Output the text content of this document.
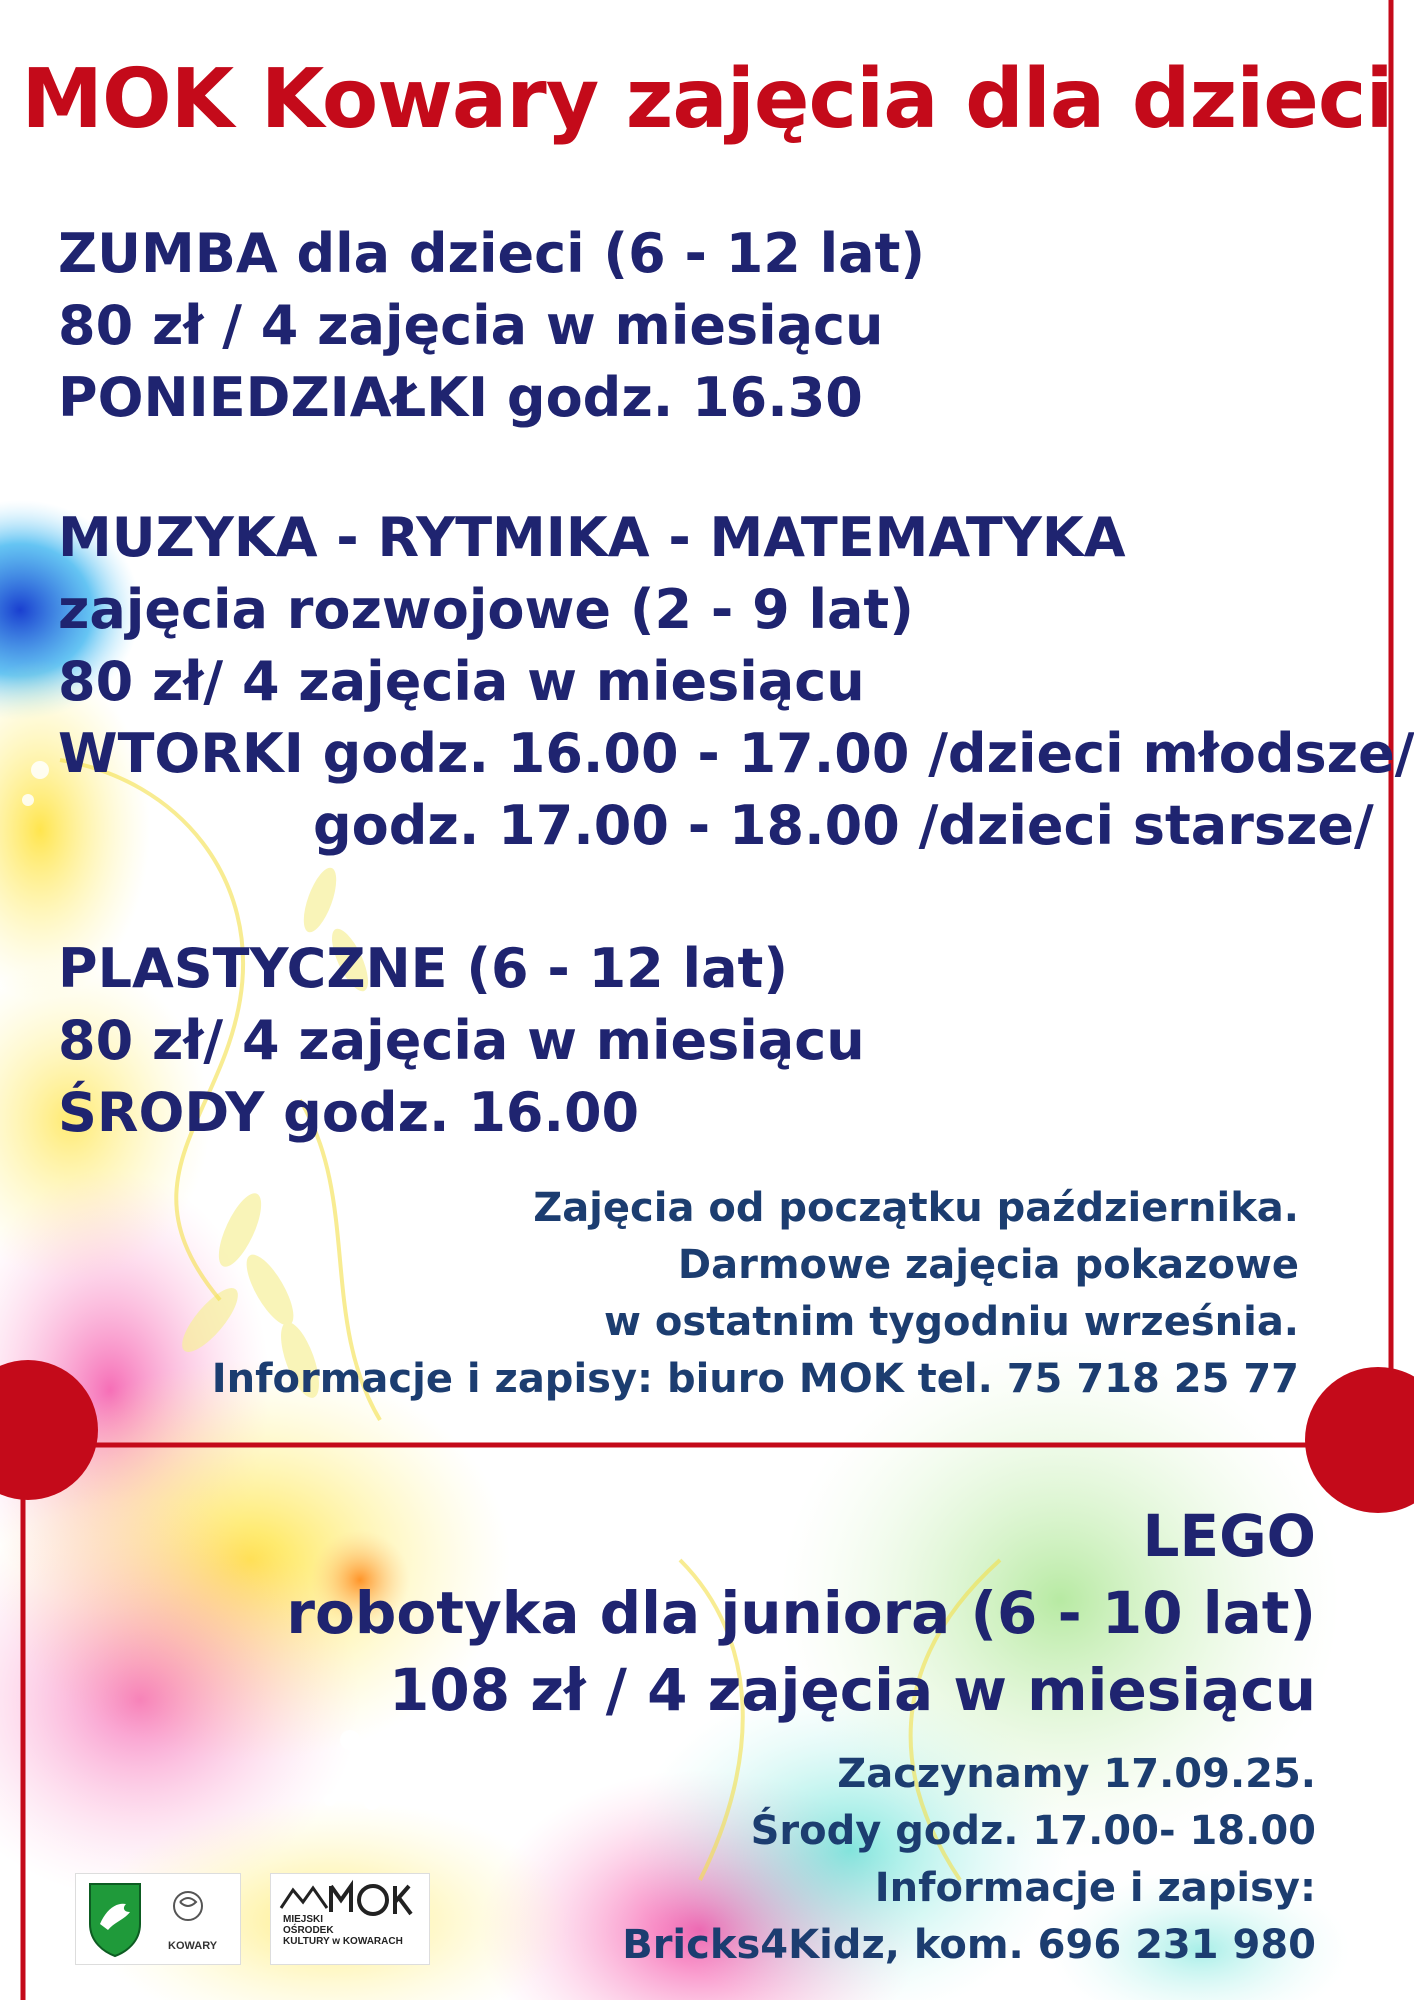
MOK Kowary zajęcia dla dzieci
ZUMBA dla dzieci (6 - 12 lat)
80 zł / 4 zajęcia w miesiącu
PONIEDZIAŁKI godz. 16.30
MUZYKA - RYTMIKA - MATEMATYKA
zajęcia rozwojowe (2 - 9 lat)
80 zł/ 4 zajęcia w miesiącu
WTORKI godz. 16.00 - 17.00 /dzieci młodsze/
godz. 17.00 - 18.00 /dzieci starsze/
PLASTYCZNE (6 - 12 lat)
80 zł/ 4 zajęcia w miesiącu
ŚRODY godz. 16.00
Zajęcia od początku października.
Darmowe zajęcia pokazowe
w ostatnim tygodniu września.
Informacje i zapisy: biuro MOK tel. 75 718 25 77
LEGO
robotyka dla juniora (6 - 10 lat)
108 zł / 4 zajęcia w miesiącu
Zaczynamy 17.09.25.
Środy godz. 17.00- 18.00
Informacje i zapisy:
Bricks4Kidz, kom. 696 231 980
KOWARY
MIEJSKI
OŚRODEK
KULTURY w KOWARACH
